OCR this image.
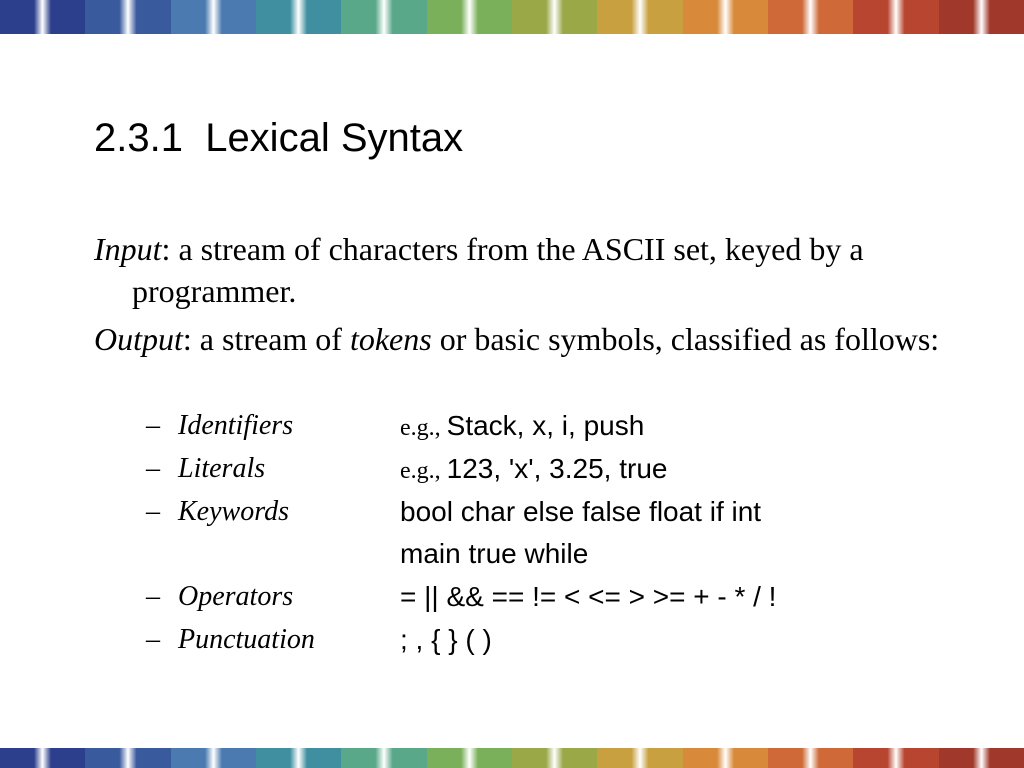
2.3.1  Lexical Syntax
Input: a stream of characters from the ASCII set, keyed by a programmer.
Output: a stream of tokens or basic symbols, classified as follows:
– Identifiers	e.g., Stack, x, i, push
– Literals	e.g., 123, 'x', 3.25, true
– Keywords	bool char else false float if int
main true while
– Operators	= || && == != < <= > >= + - * / !
– Punctuation	; , { } ( )
